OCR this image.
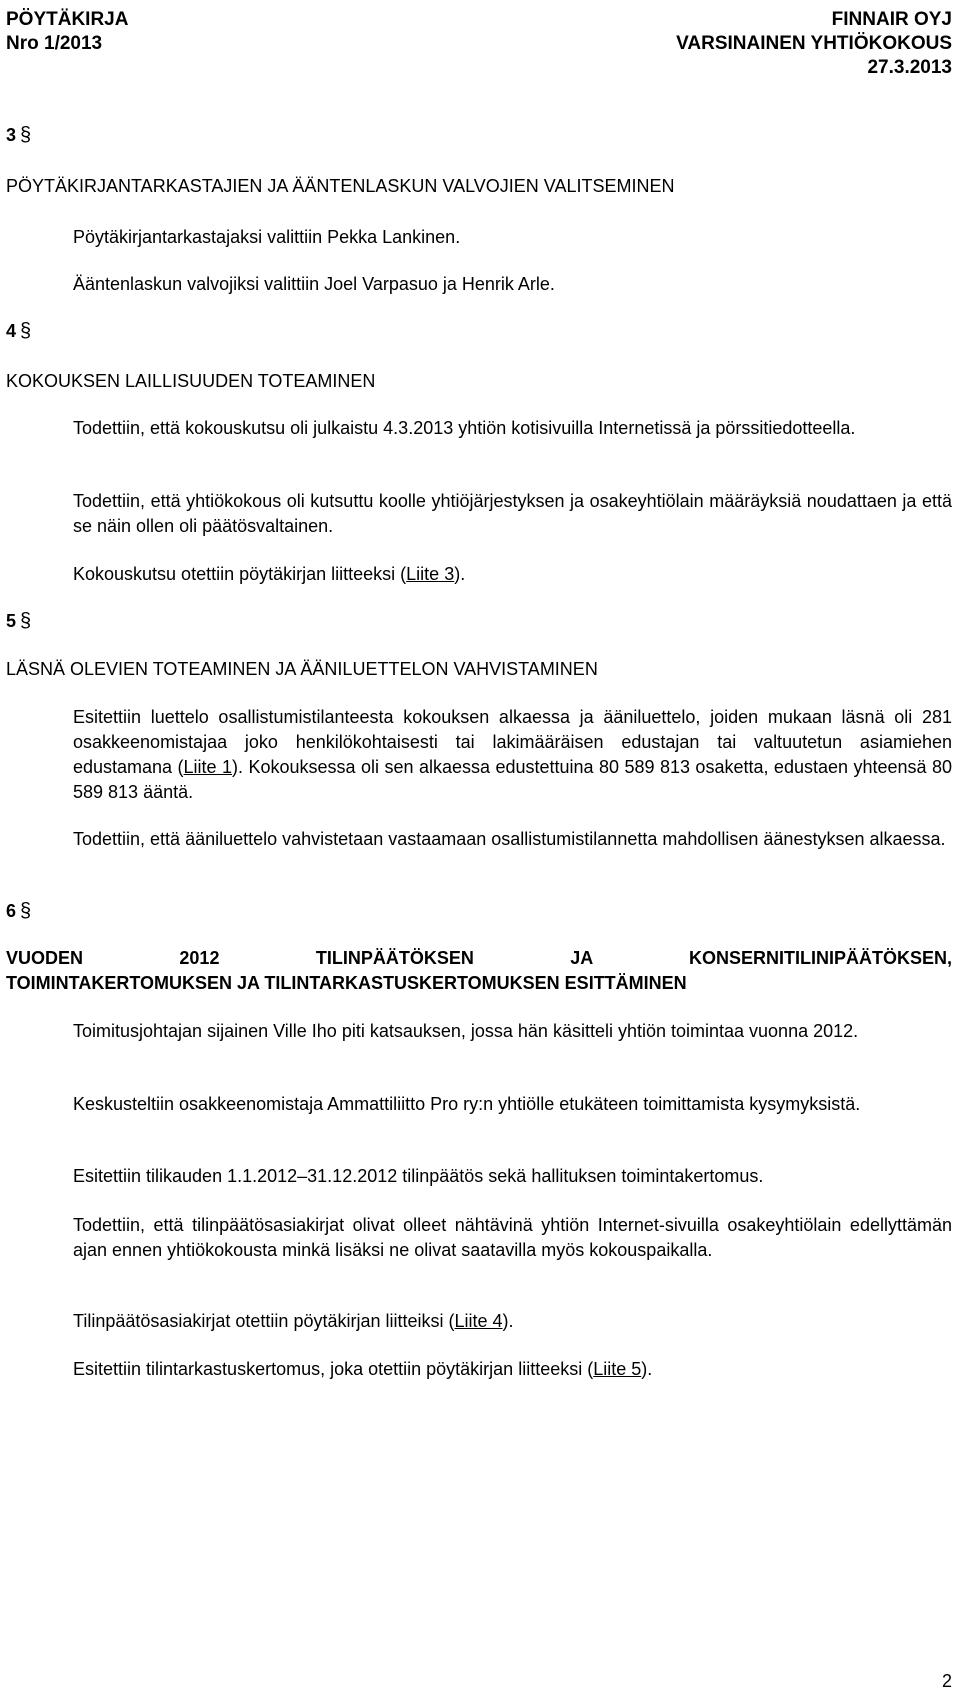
PÖYTÄKIRJA
Nro 1/2013
FINNAIR OYJ
VARSINAINEN YHTIÖKOKOUS
27.3.2013
3 §
PÖYTÄKIRJANTARKASTAJIEN JA ÄÄNTENLASKUN VALVOJIEN VALITSEMINEN
Pöytäkirjantarkastajaksi valittiin Pekka Lankinen.
Ääntenlaskun valvojiksi valittiin Joel Varpasuo ja Henrik Arle.
4 §
KOKOUKSEN LAILLISUUDEN TOTEAMINEN
Todettiin, että kokouskutsu oli julkaistu 4.3.2013 yhtiön kotisivuilla Internetissä ja pörssitiedotteella.
Todettiin, että yhtiökokous oli kutsuttu koolle yhtiöjärjestyksen ja osakeyhtiölain määräyksiä noudattaen ja että se näin ollen oli päätösvaltainen.
Kokouskutsu otettiin pöytäkirjan liitteeksi (Liite 3).
5 §
LÄSNÄ OLEVIEN TOTEAMINEN JA ÄÄNILUETTELON VAHVISTAMINEN
Esitettiin luettelo osallistumistilanteesta kokouksen alkaessa ja ääniluettelo, joiden mukaan läsnä oli 281 osakkeenomistajaa joko henkilökohtaisesti tai lakimääräisen edustajan tai valtuutetun asiamiehen edustamana (Liite 1). Kokouksessa oli sen alkaessa edustettuina 80 589 813 osaketta, edustaen yhteensä 80 589 813 ääntä.
Todettiin, että ääniluettelo vahvistetaan vastaamaan osallistumistilannetta mahdollisen äänestyksen alkaessa.
6 §
VUODEN 2012 TILINPÄÄTÖKSEN JA KONSERNITILINIPÄÄTÖKSEN,
TOIMINTAKERTOMUKSEN JA TILINTARKASTUSKERTOMUKSEN ESITTÄMINEN
Toimitusjohtajan sijainen Ville Iho piti katsauksen, jossa hän käsitteli yhtiön toimintaa vuonna 2012.
Keskusteltiin osakkeenomistaja Ammattiliitto Pro ry:n yhtiölle etukäteen toimittamista kysymyksistä.
Esitettiin tilikauden 1.1.2012–31.12.2012 tilinpäätös sekä hallituksen toimintakertomus.
Todettiin, että tilinpäätösasiakirjat olivat olleet nähtävinä yhtiön Internet-sivuilla osakeyhtiölain edellyttämän ajan ennen yhtiökokousta minkä lisäksi ne olivat saatavilla myös kokouspaikalla.
Tilinpäätösasiakirjat otettiin pöytäkirjan liitteiksi (Liite 4).
Esitettiin tilintarkastuskertomus, joka otettiin pöytäkirjan liitteeksi (Liite 5).
2
